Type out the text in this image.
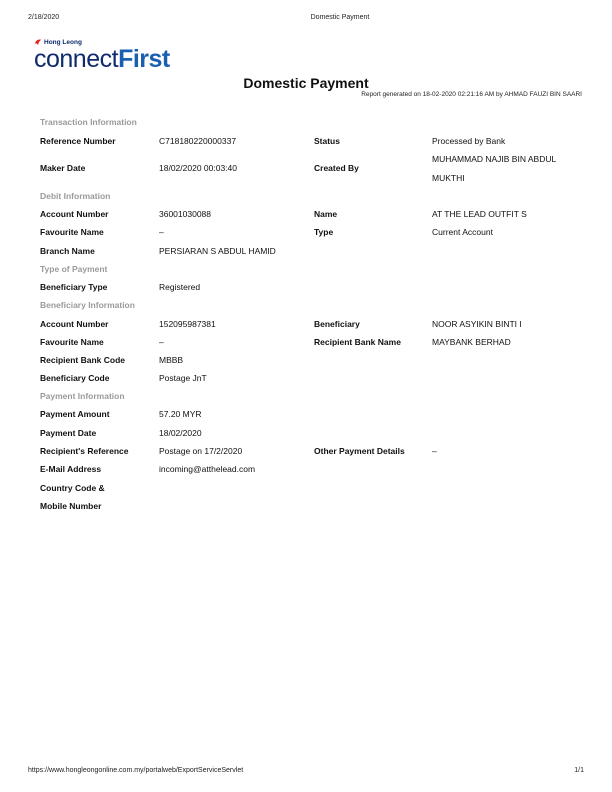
2/18/2020	Domestic Payment
Hong Leong
connectFirst
Domestic Payment
Report generated on 18-02-2020 02:21:16 AM by AHMAD FAUZI BIN SAARI
Transaction Information
Reference Number	C718180220000337	Status	Processed by Bank
Maker Date	18/02/2020 00:03:40	Created By
MUHAMMAD NAJIB BIN ABDUL
MUKTHI
Debit Information
Account Number	36001030088	Name	AT THE LEAD OUTFIT S
Favourite Name	–	Type	Current Account
Branch Name	PERSIARAN S ABDUL HAMID
Type of Payment
Beneficiary Type	Registered
Beneficiary Information
Account Number	152095987381	Beneficiary	NOOR ASYIKIN BINTI I
Favourite Name	–	Recipient Bank Name	MAYBANK BERHAD
Recipient Bank Code	MBBB
Beneficiary Code	Postage JnT
Payment Information
Payment Amount	57.20 MYR
Payment Date	18/02/2020
Recipient's Reference	Postage on 17/2/2020	Other Payment Details	–
E-Mail Address	incoming@atthelead.com
Country Code &
Mobile Number
https://www.hongleongonline.com.my/portalweb/ExportServiceServlet	1/1
